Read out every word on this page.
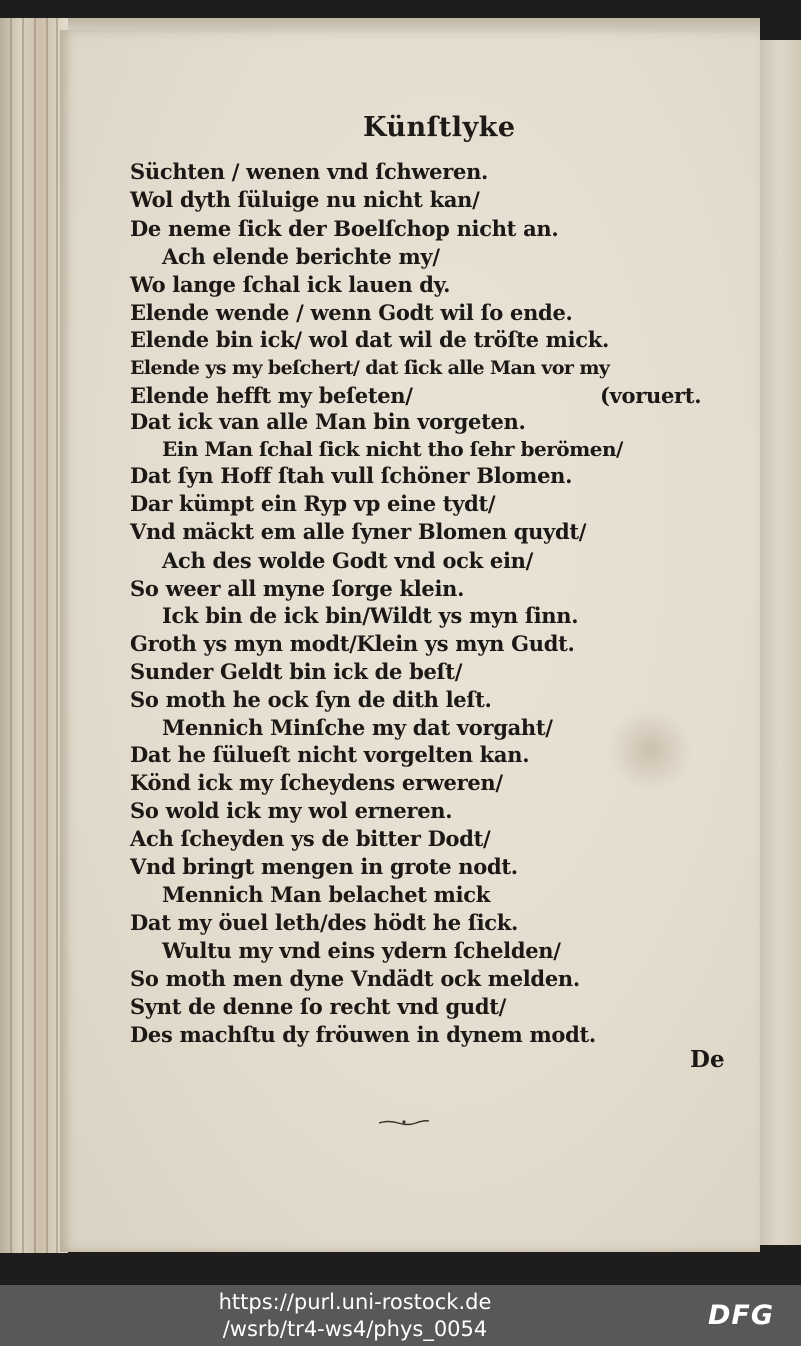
Künſtlyke
Süchten / wenen vnd ſchweren.
Wol dyth ſüluige nu nicht kan/
De neme ſick der Boelſchop nicht an.
Ach elende berichte my/
Wo lange ſchal ick lauen dy.
Elende wende / wenn Godt wil ſo ende.
Elende bin ick/ wol dat wil de tröſte mick.
Elende ys my beſchert/ dat ſick alle Man vor my
Elende hefft my beſeten/	(voruert.
Dat ick van alle Man bin vorgeten.
Ein Man ſchal ſick nicht tho ſehr berömen/
Dat ſyn Hoff ſtah vull ſchöner Blomen.
Dar kümpt ein Ryp vp eine tydt/
Vnd mäckt em alle ſyner Blomen quydt/
Ach des wolde Godt vnd ock ein/
So weer all myne ſorge klein.
Ick bin de ick bin/Wildt ys myn ſinn.
Groth ys myn modt/Klein ys myn Gudt.
Sunder Geldt bin ick de beſt/
So moth he ock ſyn de dith leſt.
Mennich Minſche my dat vorgaht/
Dat he ſülueſt nicht vorgelten kan.
Könd ick my ſcheydens erweren/
So wold ick my wol erneren.
Ach ſcheyden ys de bitter Dodt/
Vnd bringt mengen in grote nodt.
Mennich Man belachet mick
Dat my öuel leth/des hödt he ſick.
Wultu my vnd eins ydern ſchelden/
So moth men dyne Vndädt ock melden.
Synt de denne ſo recht vnd gudt/
Des machſtu dy fröuwen in dynem modt.
De
https://purl.uni-rostock.de
/wsrb/tr4-ws4/phys_0054	DFG
